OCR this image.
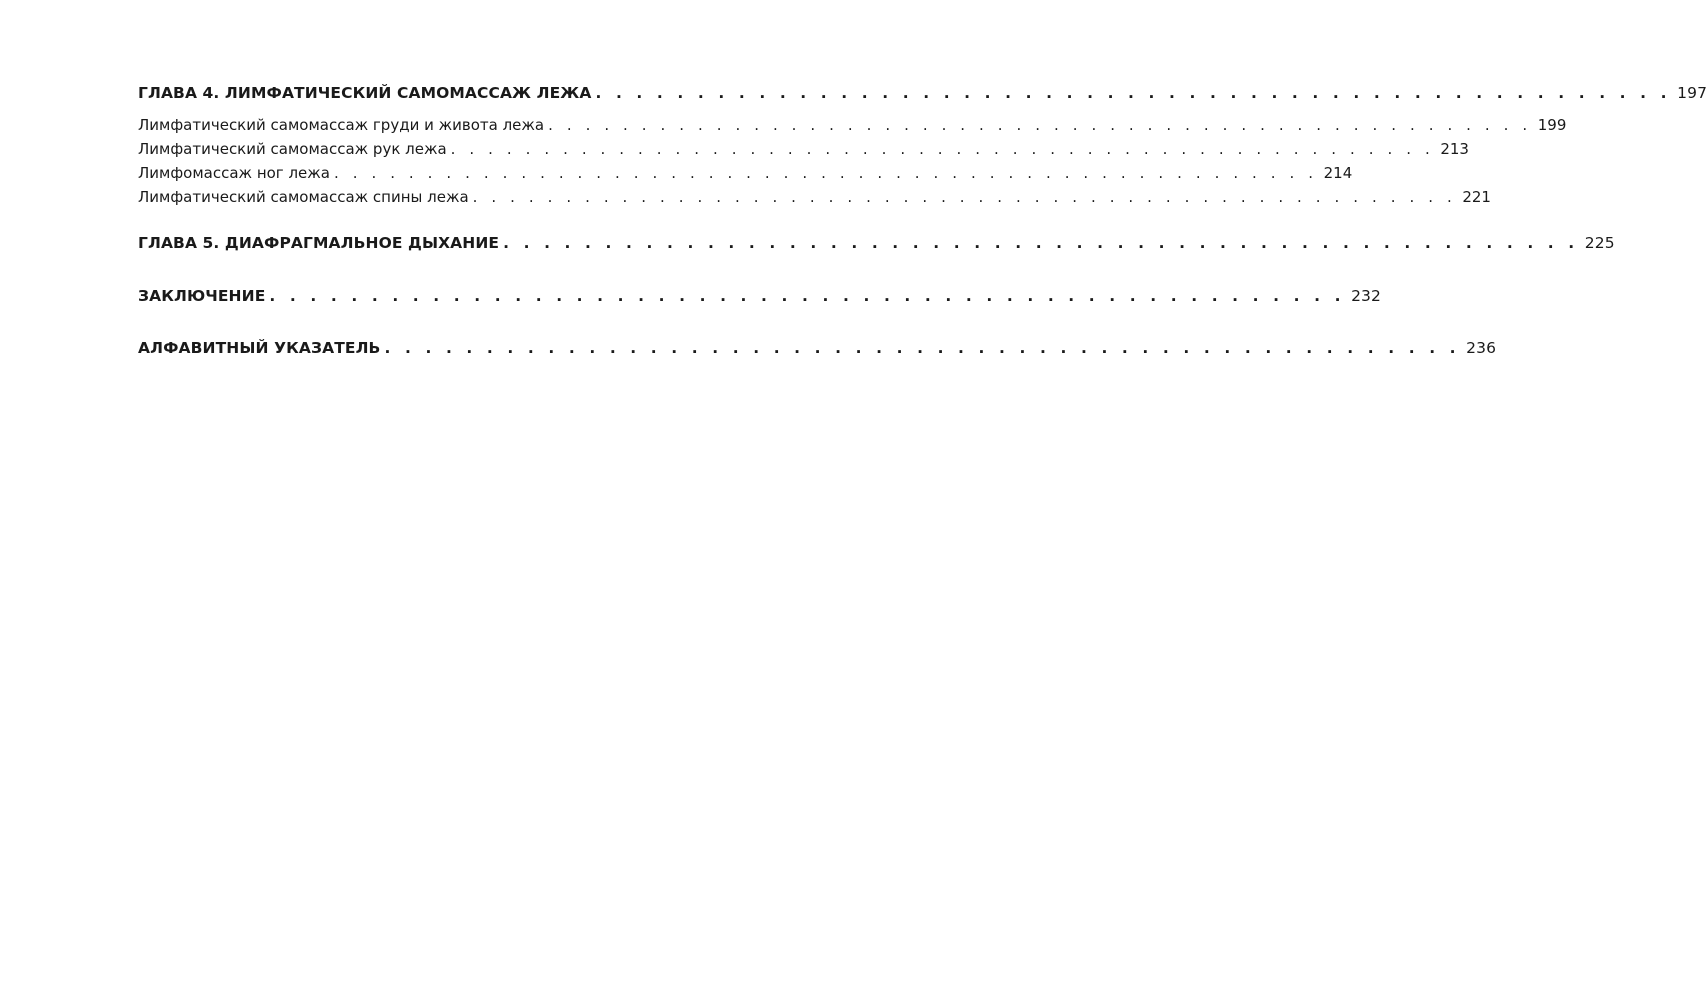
ГЛАВА 4. ЛИМФАТИЧЕСКИЙ САМОМАССАЖ ЛЕЖА . . . . . . . . . . . . . . . . . . . . . . . . . . . . . . . . . . . . . . . . . . . . . . . . . . . . . 197
Лимфатический самомассаж груди и живота лежа . . . . . . . . . . . . . . . . . . . . . . . . . . . . . . . . . . . . . . . . . . . . . . . . . . . . . 199
Лимфатический самомассаж рук лежа . . . . . . . . . . . . . . . . . . . . . . . . . . . . . . . . . . . . . . . . . . . . . . . . . . . . . 213
Лимфомассаж ног лежа . . . . . . . . . . . . . . . . . . . . . . . . . . . . . . . . . . . . . . . . . . . . . . . . . . . . . 214
Лимфатический самомассаж спины лежа . . . . . . . . . . . . . . . . . . . . . . . . . . . . . . . . . . . . . . . . . . . . . . . . . . . . . 221
ГЛАВА 5. ДИАФРАГМАЛЬНОЕ ДЫХАНИЕ . . . . . . . . . . . . . . . . . . . . . . . . . . . . . . . . . . . . . . . . . . . . . . . . . . . . . 225
ЗАКЛЮЧЕНИЕ . . . . . . . . . . . . . . . . . . . . . . . . . . . . . . . . . . . . . . . . . . . . . . . . . . . . . 232
АЛФАВИТНЫЙ УКАЗАТЕЛЬ . . . . . . . . . . . . . . . . . . . . . . . . . . . . . . . . . . . . . . . . . . . . . . . . . . . . . 236
